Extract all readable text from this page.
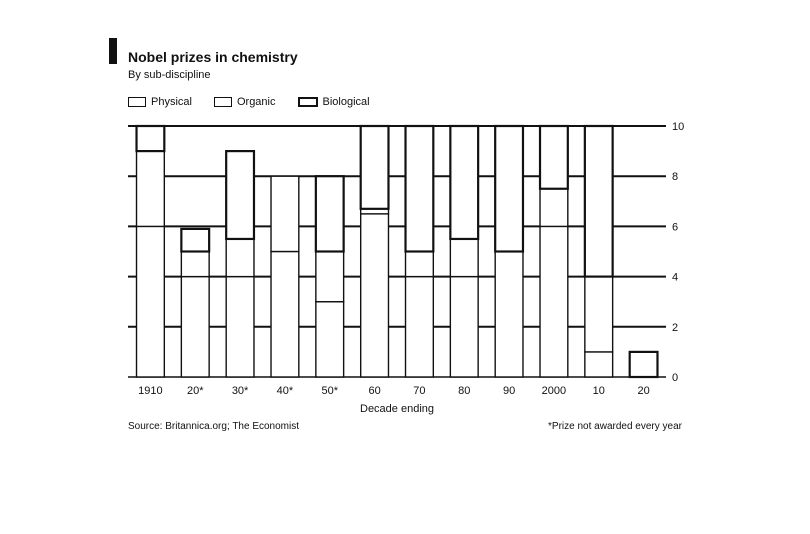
Nobel prizes in chemistry
By sub-discipline
Physical	Organic	Biological
0
2
4
6
8
10
1910 20*	30*	40*	50*	60	70	80	90 2000 10	20
Decade ending
Source: Britannica.org; The Economist	*Prize not awarded every year
